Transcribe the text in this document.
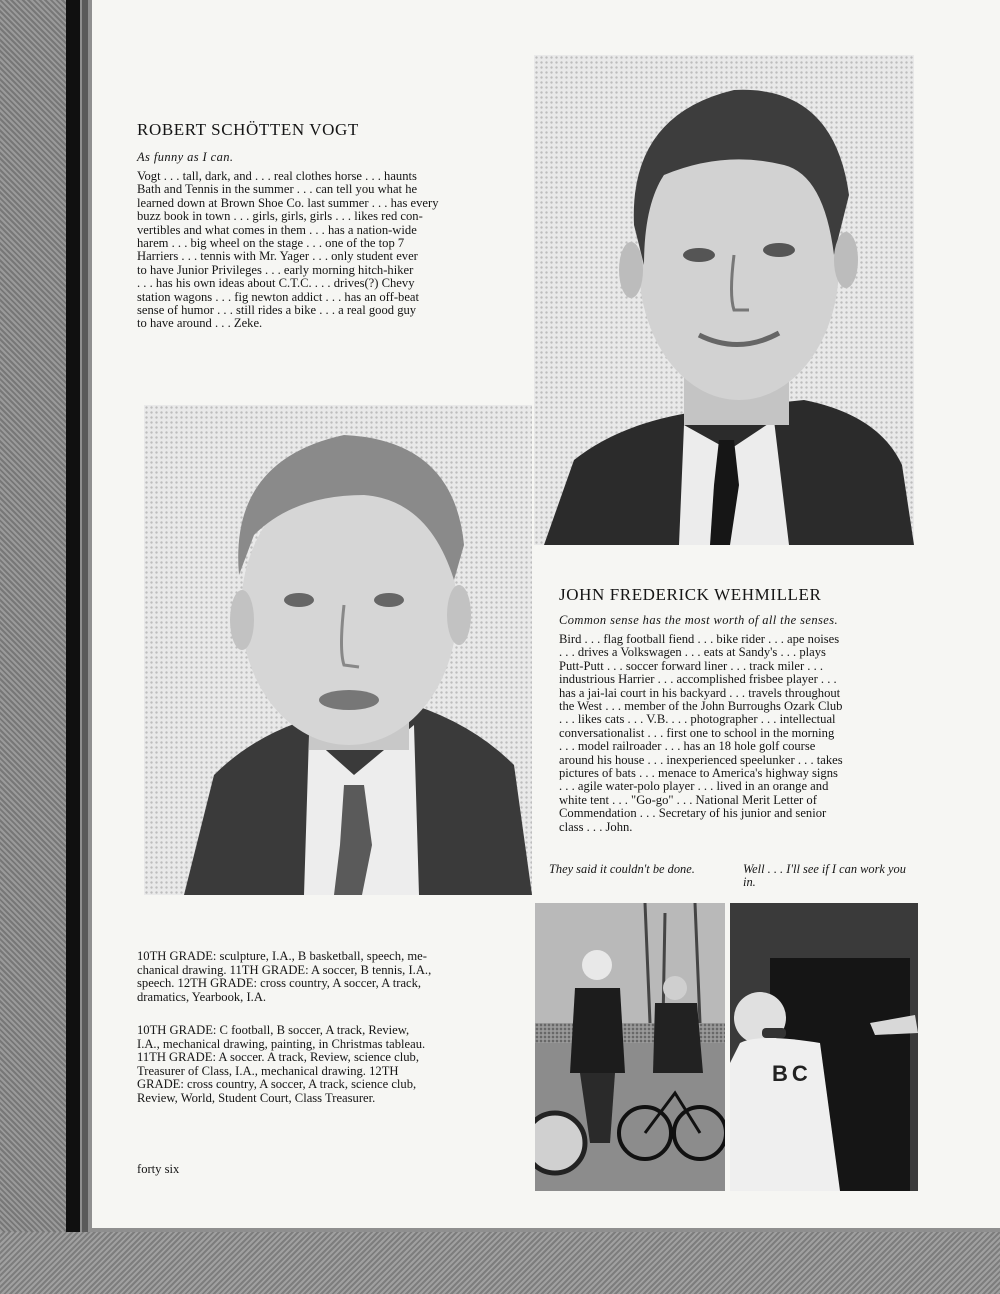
ROBERT SCHÖTTEN VOGT

As funny as I can.

Vogt . . . tall, dark, and . . . real clothes horse . . . haunts
Bath and Tennis in the summer . . . can tell you what he
learned down at Brown Shoe Co. last summer . . . has every
buzz book in town . . . girls, girls, girls . . . likes red con-
vertibles and what comes in them . . . has a nation-wide
harem . . . big wheel on the stage . . . one of the top 7
Harriers . . . tennis with Mr. Yager . . . only student ever
to have Junior Privileges . . . early morning hitch-hiker
. . . has his own ideas about C.T.C. . . . drives(?) Chevy
station wagons . . . fig newton addict . . . has an off-beat
sense of humor . . . still rides a bike . . . a real good guy
to have around . . . Zeke.
JOHN FREDERICK WEHMILLER

Common sense has the most worth of all the senses.

Bird . . . flag football fiend . . . bike rider . . . ape noises
. . . drives a Volkswagen . . . eats at Sandy's . . . plays
Putt-Putt . . . soccer forward liner . . . track miler . . .
industrious Harrier . . . accomplished frisbee player . . .
has a jai-lai court in his backyard . . . travels throughout
the West . . . member of the John Burroughs Ozark Club
. . . likes cats . . . V.B. . . . photographer . . . intellectual
conversationalist . . . first one to school in the morning
. . . model railroader . . . has an 18 hole golf course
around his house . . . inexperienced speelunker . . . takes
pictures of bats . . . menace to America's highway signs
. . . agile water-polo player . . . lived in an orange and
white tent . . . "Go-go" . . . National Merit Letter of
Commendation . . . Secretary of his junior and senior
class . . . John.

They said it couldn't be done.	Well . . . I'll see if I can work you in.

BC
10TH GRADE: sculpture, I.A., B basketball, speech, me-
chanical drawing. 11TH GRADE: A soccer, B tennis, I.A.,
speech. 12TH GRADE: cross country, A soccer, A track,
dramatics, Yearbook, I.A.
10TH GRADE: C football, B soccer, A track, Review,
I.A., mechanical drawing, painting, in Christmas tableau.
11TH GRADE: A soccer. A track, Review, science club,
Treasurer of Class, I.A., mechanical drawing. 12TH
GRADE: cross country, A soccer, A track, science club,
Review, World, Student Court, Class Treasurer.
forty six
